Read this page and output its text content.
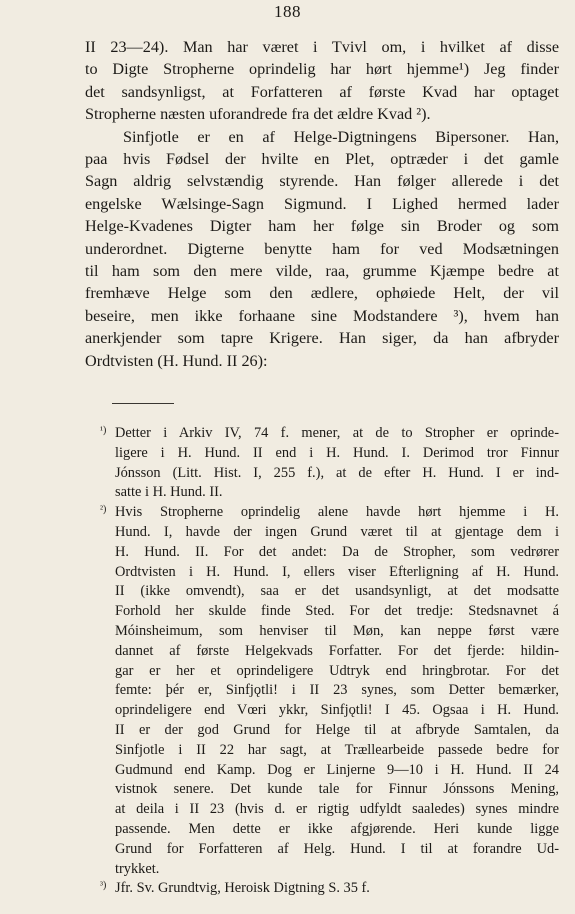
188

II 23—24). Man har været i Tvivl om, i hvilket af disse
to Digte Stropherne oprindelig har hørt hjemme¹) Jeg finder
det sandsynligst, at Forfatteren af første Kvad har optaget
Stropherne næsten uforandrede fra det ældre Kvad ²).

Sinfjotle er en af Helge-Digtningens Bipersoner. Han,
paa hvis Fødsel der hvilte en Plet, optræder i det gamle
Sagn aldrig selvstændig styrende. Han følger allerede i det
engelske Wælsinge-Sagn Sigmund. I Lighed hermed lader
Helge-Kvadenes Digter ham her følge sin Broder og som
underordnet. Digterne benytte ham for ved Modsætningen
til ham som den mere vilde, raa, grumme Kjæmpe bedre at
fremhæve Helge som den ædlere, ophøiede Helt, der vil
beseire, men ikke forhaane sine Modstandere ³), hvem han
anerkjender som tapre Krigere. Han siger, da han afbryder
Ordtvisten (H. Hund. II 26):

¹) Detter i Arkiv IV, 74 f. mener, at de to Stropher er oprinde-
ligere i H. Hund. II end i H. Hund. I. Derimod tror Finnur
Jónsson (Litt. Hist. I, 255 f.), at de efter H. Hund. I er ind-
satte i H. Hund. II.
²) Hvis Stropherne oprindelig alene havde hørt hjemme i H.
Hund. I, havde der ingen Grund været til at gjentage dem i
H. Hund. II. For det andet: Da de Stropher, som vedrører
Ordtvisten i H. Hund. I, ellers viser Efterligning af H. Hund.
II (ikke omvendt), saa er det usandsynligt, at det modsatte
Forhold her skulde finde Sted. For det tredje: Stedsnavnet á
Móinsheimum, som henviser til Møn, kan neppe først være
dannet af første Helgekvads Forfatter. For det fjerde: hildin-
gar er her et oprindeligere Udtryk end hringbrotar. For det
femte: þér er, Sinfjǫtli! i II 23 synes, som Detter bemærker,
oprindeligere end Vœri ykkr, Sinfjǫtli! I 45. Ogsaa i H. Hund.
II er der god Grund for Helge til at afbryde Samtalen, da
Sinfjotle i II 22 har sagt, at Trællearbeide passede bedre for
Gudmund end Kamp. Dog er Linjerne 9—10 i H. Hund. II 24
vistnok senere. Det kunde tale for Finnur Jónssons Mening,
at deila i II 23 (hvis d. er rigtig udfyldt saaledes) synes mindre
passende. Men dette er ikke afgjørende. Heri kunde ligge
Grund for Forfatteren af Helg. Hund. I til at forandre Ud-
trykket.
³) Jfr. Sv. Grundtvig, Heroisk Digtning S. 35 f.
